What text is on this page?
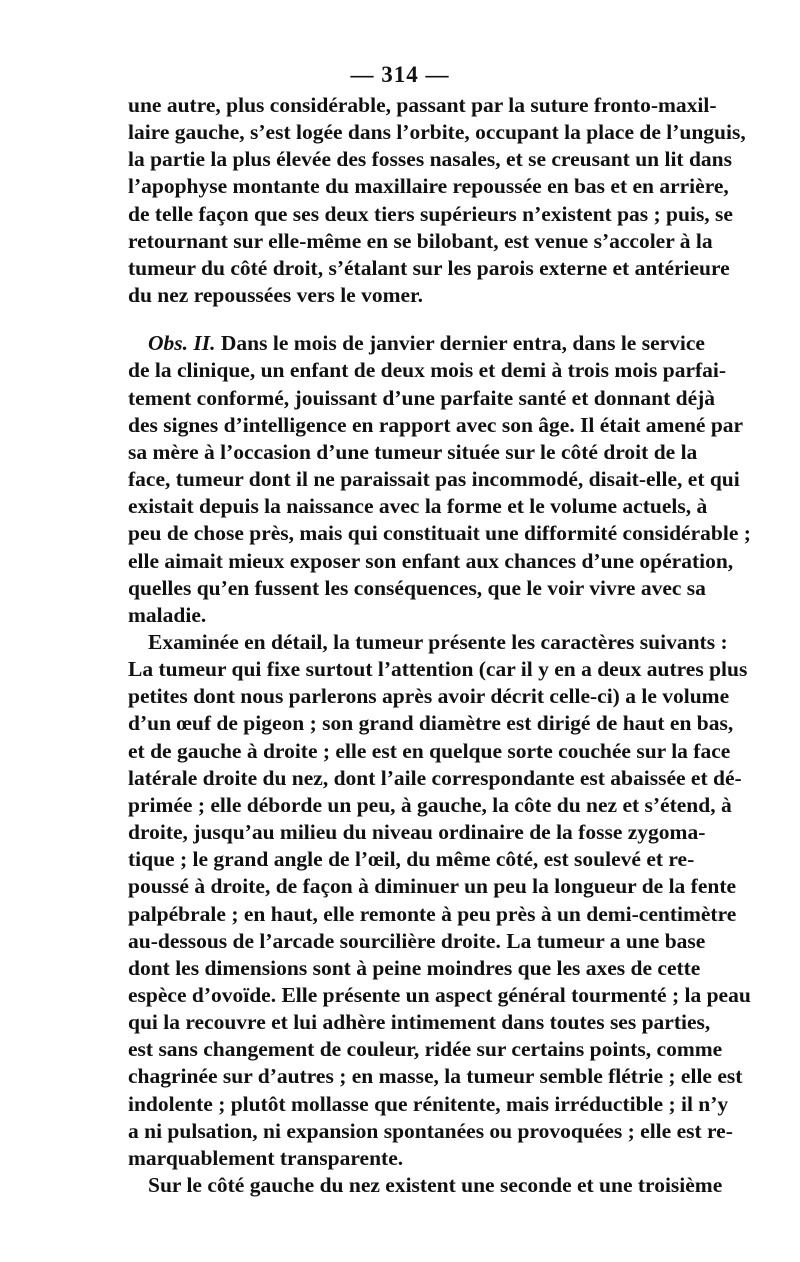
— 314 —
une autre, plus considérable, passant par la suture fronto-maxil-
laire gauche, s’est logée dans l’orbite, occupant la place de l’unguis,
la partie la plus élevée des fosses nasales, et se creusant un lit dans
l’apophyse montante du maxillaire repoussée en bas et en arrière,
de telle façon que ses deux tiers supérieurs n’existent pas ; puis, se
retournant sur elle-même en se bilobant, est venue s’accoler à la
tumeur du côté droit, s’étalant sur les parois externe et antérieure
du nez repoussées vers le vomer.
Obs. II. Dans le mois de janvier dernier entra, dans le service
de la clinique, un enfant de deux mois et demi à trois mois parfai-
tement conformé, jouissant d’une parfaite santé et donnant déjà
des signes d’intelligence en rapport avec son âge. Il était amené par
sa mère à l’occasion d’une tumeur située sur le côté droit de la
face, tumeur dont il ne paraissait pas incommodé, disait-elle, et qui
existait depuis la naissance avec la forme et le volume actuels, à
peu de chose près, mais qui constituait une difformité considérable ;
elle aimait mieux exposer son enfant aux chances d’une opération,
quelles qu’en fussent les conséquences, que le voir vivre avec sa
maladie.
Examinée en détail, la tumeur présente les caractères suivants :
La tumeur qui fixe surtout l’attention (car il y en a deux autres plus
petites dont nous parlerons après avoir décrit celle-ci) a le volume
d’un œuf de pigeon ; son grand diamètre est dirigé de haut en bas,
et de gauche à droite ; elle est en quelque sorte couchée sur la face
latérale droite du nez, dont l’aile correspondante est abaissée et dé-
primée ; elle déborde un peu, à gauche, la côte du nez et s’étend, à
droite, jusqu’au milieu du niveau ordinaire de la fosse zygoma-
tique ; le grand angle de l’œil, du même côté, est soulevé et re-
poussé à droite, de façon à diminuer un peu la longueur de la fente
palpébrale ; en haut, elle remonte à peu près à un demi-centimètre
au-dessous de l’arcade sourcilière droite. La tumeur a une base
dont les dimensions sont à peine moindres que les axes de cette
espèce d’ovoïde. Elle présente un aspect général tourmenté ; la peau
qui la recouvre et lui adhère intimement dans toutes ses parties,
est sans changement de couleur, ridée sur certains points, comme
chagrinée sur d’autres ; en masse, la tumeur semble flétrie ; elle est
indolente ; plutôt mollasse que rénitente, mais irréductible ; il n’y
a ni pulsation, ni expansion spontanées ou provoquées ; elle est re-
marquablement transparente.
Sur le côté gauche du nez existent une seconde et une troisième
